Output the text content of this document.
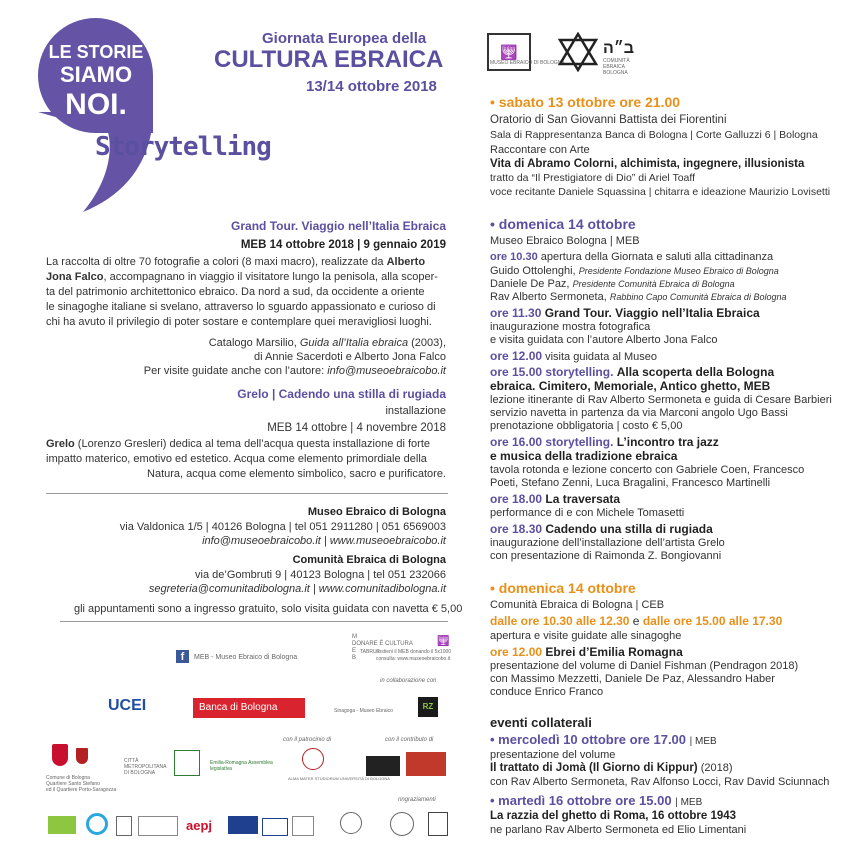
LE STORIE
SIAMO
NOI.
Storytelling
Giornata Europea della
CULTURA EBRAICA
13/14 ottobre 2018
🕎
MUSEO EBRAICO DI BOLOGNA
ב״ה
COMUNITÀ EBRAICA BOLOGNA
Grand Tour. Viaggio nell’Italia Ebraica
MEB 14 ottobre 2018 | 9 gennaio 2019
La raccolta di oltre 70 fotografie a colori (8 maxi macro), realizzate da Alberto
Jona Falco, accompagnano in viaggio il visitatore lungo la penisola, alla scoper-
ta del patrimonio architettonico ebraico. Da nord a sud, da occidente a oriente
le sinagoghe italiane si svelano, attraverso lo sguardo appassionato e curioso di
chi ha avuto il privilegio di poter sostare e contemplare quei meravigliosi luoghi.
Catalogo Marsilio, Guida all’Italia ebraica (2003),
di Annie Sacerdoti e Alberto Jona Falco
Per visite guidate anche con l’autore: info@museoebraicobo.it
Grelo | Cadendo una stilla di rugiada
installazione
MEB 14 ottobre | 4 novembre 2018
Grelo (Lorenzo Gresleri) dedica al tema dell’acqua questa installazione di forte
impatto materico, emotivo ed estetico. Acqua come elemento primordiale della
Natura, acqua come elemento simbolico, sacro e purificatore.
Museo Ebraico di Bologna
via Valdonica 1/5 | 40126 Bologna | tel 051 2911280 | 051 6569003
info@museoebraicobo.it | www.museoebraicobo.it
Comunità Ebraica di Bologna
via de’Gombruti 9 | 40123 Bologna | tel 051 232066
segreteria@comunitadibologna.it | www.comunitadibologna.it
gli appuntamenti sono a ingresso gratuito, solo visita guidata con navetta € 5,00
f	MEB - Museo Ebraico di Bologna
M
DONARE È CULTURA
E
B
TABRUT
sostieni il MEB donando il 5x1000
consulta: www.museoebraicobo.it
🕎
• sabato 13 ottobre ore 21.00
Oratorio di San Giovanni Battista dei Fiorentini
Sala di Rappresentanza Banca di Bologna | Corte Galluzzi 6 | Bologna
Raccontare con Arte
Vita di Abramo Colorni, alchimista, ingegnere, illusionista
tratto da “Il Prestigiatore di Dio” di Ariel Toaff
voce recitante Daniele Squassina | chitarra e ideazione Maurizio Lovisetti
• domenica 14 ottobre
Museo Ebraico Bologna | MEB
ore 10.30 apertura della Giornata e saluti alla cittadinanza
Guido Ottolenghi, Presidente Fondazione Museo Ebraico di Bologna
Daniele De Paz, Presidente Comunità Ebraica di Bologna
Rav Alberto Sermoneta, Rabbino Capo Comunità Ebraica di Bologna
ore 11.30 Grand Tour. Viaggio nell’Italia Ebraica
inaugurazione mostra fotografica
e visita guidata con l’autore Alberto Jona Falco
ore 12.00 visita guidata al Museo
ore 15.00 storytelling. Alla scoperta della Bologna
ebraica. Cimitero, Memoriale, Antico ghetto, MEB
lezione itinerante di Rav Alberto Sermoneta e guida di Cesare Barbieri
servizio navetta in partenza da via Marconi angolo Ugo Bassi
prenotazione obbligatoria | costo € 5,00
ore 16.00 storytelling. L’incontro tra jazz
e musica della tradizione ebraica
tavola rotonda e lezione concerto con Gabriele Coen, Francesco
Poeti, Stefano Zenni, Luca Bragalini, Francesco Martinelli
ore 18.00 La traversata
performance di e con Michele Tomasetti
ore 18.30 Cadendo una stilla di rugiada
inaugurazione dell’installazione dell’artista Grelo
con presentazione di Raimonda Z. Bongiovanni
• domenica 14 ottobre
Comunità Ebraica di Bologna | CEB
dalle ore 10.30 alle 12.30 e dalle ore 15.00 alle 17.30
apertura e visite guidate alle sinagoghe
ore 12.00 Ebrei d’Emilia Romagna
presentazione del volume di Daniel Fishman (Pendragon 2018)
con Massimo Mezzetti, Daniele De Paz, Alessandro Haber
conduce Enrico Franco
eventi collaterali
• mercoledì 10 ottobre ore 17.00 | MEB
presentazione del volume
Il trattato di Jomà (Il Giorno di Kippur) (2018)
con Rav Alberto Sermoneta, Rav Alfonso Locci, Rav David Sciunnach
• martedì 16 ottobre ore 15.00 | MEB
La razzia del ghetto di Roma, 16 ottobre 1943
ne parlano Rav Alberto Sermoneta ed Elio Limentani
in collaborazione con
UCEI	Banca di Bologna	Sinagoga - Museo Ebraico	RZ
con il patrocinio di	con il contributo di
Comune di Bologna
Quartiere Santo Stefano
ed il Quartiere Porto-Saragozza
CITTÀ METROPOLITANA DI BOLOGNA
Emilia-Romagna Assemblea legislativa
ALMA MATER STUDIORUM UNIVERSITÀ DI BOLOGNA
ringraziamenti
aepj
